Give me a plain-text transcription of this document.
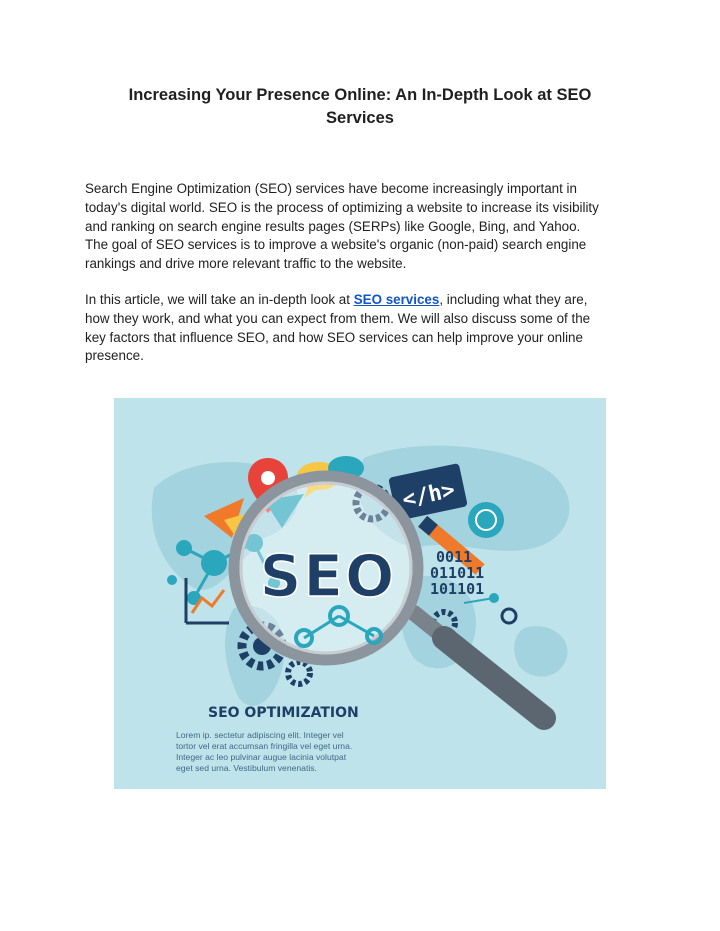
Increasing Your Presence Online: An In-Depth Look at SEO
Services

Search Engine Optimization (SEO) services have become increasingly important in
today's digital world. SEO is the process of optimizing a website to increase its visibility
and ranking on search engine results pages (SERPs) like Google, Bing, and Yahoo.
The goal of SEO services is to improve a website's organic (non-paid) search engine
rankings and drive more relevant traffic to the website.

In this article, we will take an in-depth look at SEO services, including what they are,
how they work, and what you can expect from them. We will also discuss some of the
key factors that influence SEO, and how SEO services can help improve your online
presence.

</h>
0011
011011
101101
SEO
SEO OPTIMIZATION
Lorem ip. sectetur adipiscing elit. Integer vel
tortor vel erat accumsan fringilla vel eget urna.
Integer ac leo pulvinar augue lacinia volutpat
eget sed urna. Vestibulum venenatis.
